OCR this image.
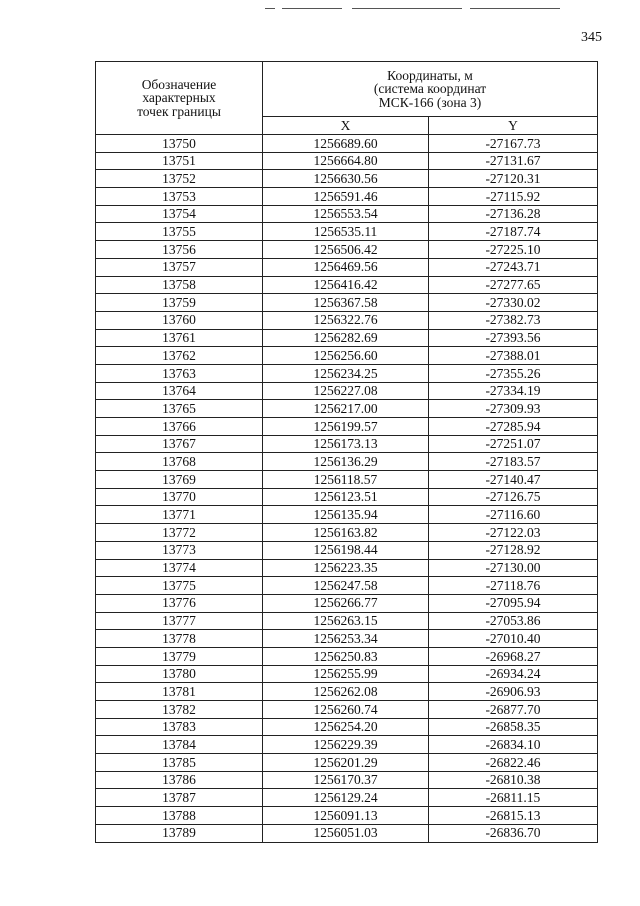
345
Обозначение
характерных
точек границы	Координаты, м
(система координат
МСК-166 (зона 3)	

	X	Y
13750	1256689.60	-27167.73
13751	1256664.80	-27131.67
13752	1256630.56	-27120.31
13753	1256591.46	-27115.92
13754	1256553.54	-27136.28
13755	1256535.11	-27187.74
13756	1256506.42	-27225.10
13757	1256469.56	-27243.71
13758	1256416.42	-27277.65
13759	1256367.58	-27330.02
13760	1256322.76	-27382.73
13761	1256282.69	-27393.56
13762	1256256.60	-27388.01
13763	1256234.25	-27355.26
13764	1256227.08	-27334.19
13765	1256217.00	-27309.93
13766	1256199.57	-27285.94
13767	1256173.13	-27251.07
13768	1256136.29	-27183.57
13769	1256118.57	-27140.47
13770	1256123.51	-27126.75
13771	1256135.94	-27116.60
13772	1256163.82	-27122.03
13773	1256198.44	-27128.92
13774	1256223.35	-27130.00
13775	1256247.58	-27118.76
13776	1256266.77	-27095.94
13777	1256263.15	-27053.86
13778	1256253.34	-27010.40
13779	1256250.83	-26968.27
13780	1256255.99	-26934.24
13781	1256262.08	-26906.93
13782	1256260.74	-26877.70
13783	1256254.20	-26858.35
13784	1256229.39	-26834.10
13785	1256201.29	-26822.46
13786	1256170.37	-26810.38
13787	1256129.24	-26811.15
13788	1256091.13	-26815.13
13789	1256051.03	-26836.70
